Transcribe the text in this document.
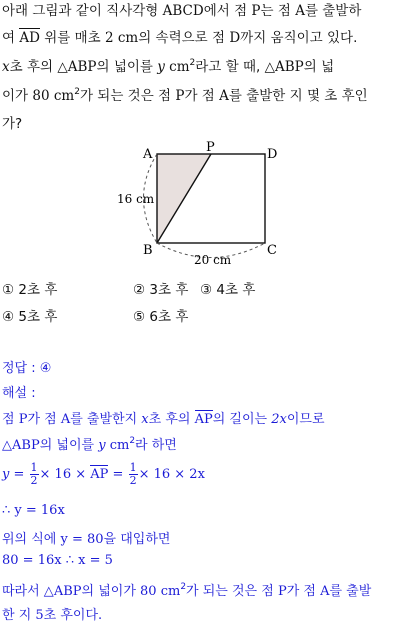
아래 그림과 같이 직사각형 ABCD에서 점 P는 점 A를 출발하
여 AD 위를 매초 2 cm의 속력으로 점 D까지 움직이고 있다.
x초 후의 △ABP의 넓이를 y $cm^2$라고 할 때, △ABP의 넓
이가 80 $cm^2$가 되는 것은 점 P가 점 A를 출발한 지 몇 초 후인
가?
A	P	D
B	C
16 cm
20 cm
① 2초 후	② 3초 후 ③ 4초 후
④ 5초 후	⑤ 6초 후
정답 : ④
해설 :
점 P가 점 A를 출발한지 x초 후의 AP의 길이는 2x이므로
△ABP의 넓이를 y $cm^2$라 하면
$y = \frac{1}{2} \times 16$ × AP = $\frac{1}{2} \times 16 \times 2x$
∴ y = 16x
위의 식에 y = 80을 대입하면
80 = 16x ∴ x = 5
따라서 △ABP의 넓이가 80 $cm^2$가 되는 것은 점 P가 점 A를 출발
한 지 5초 후이다.
